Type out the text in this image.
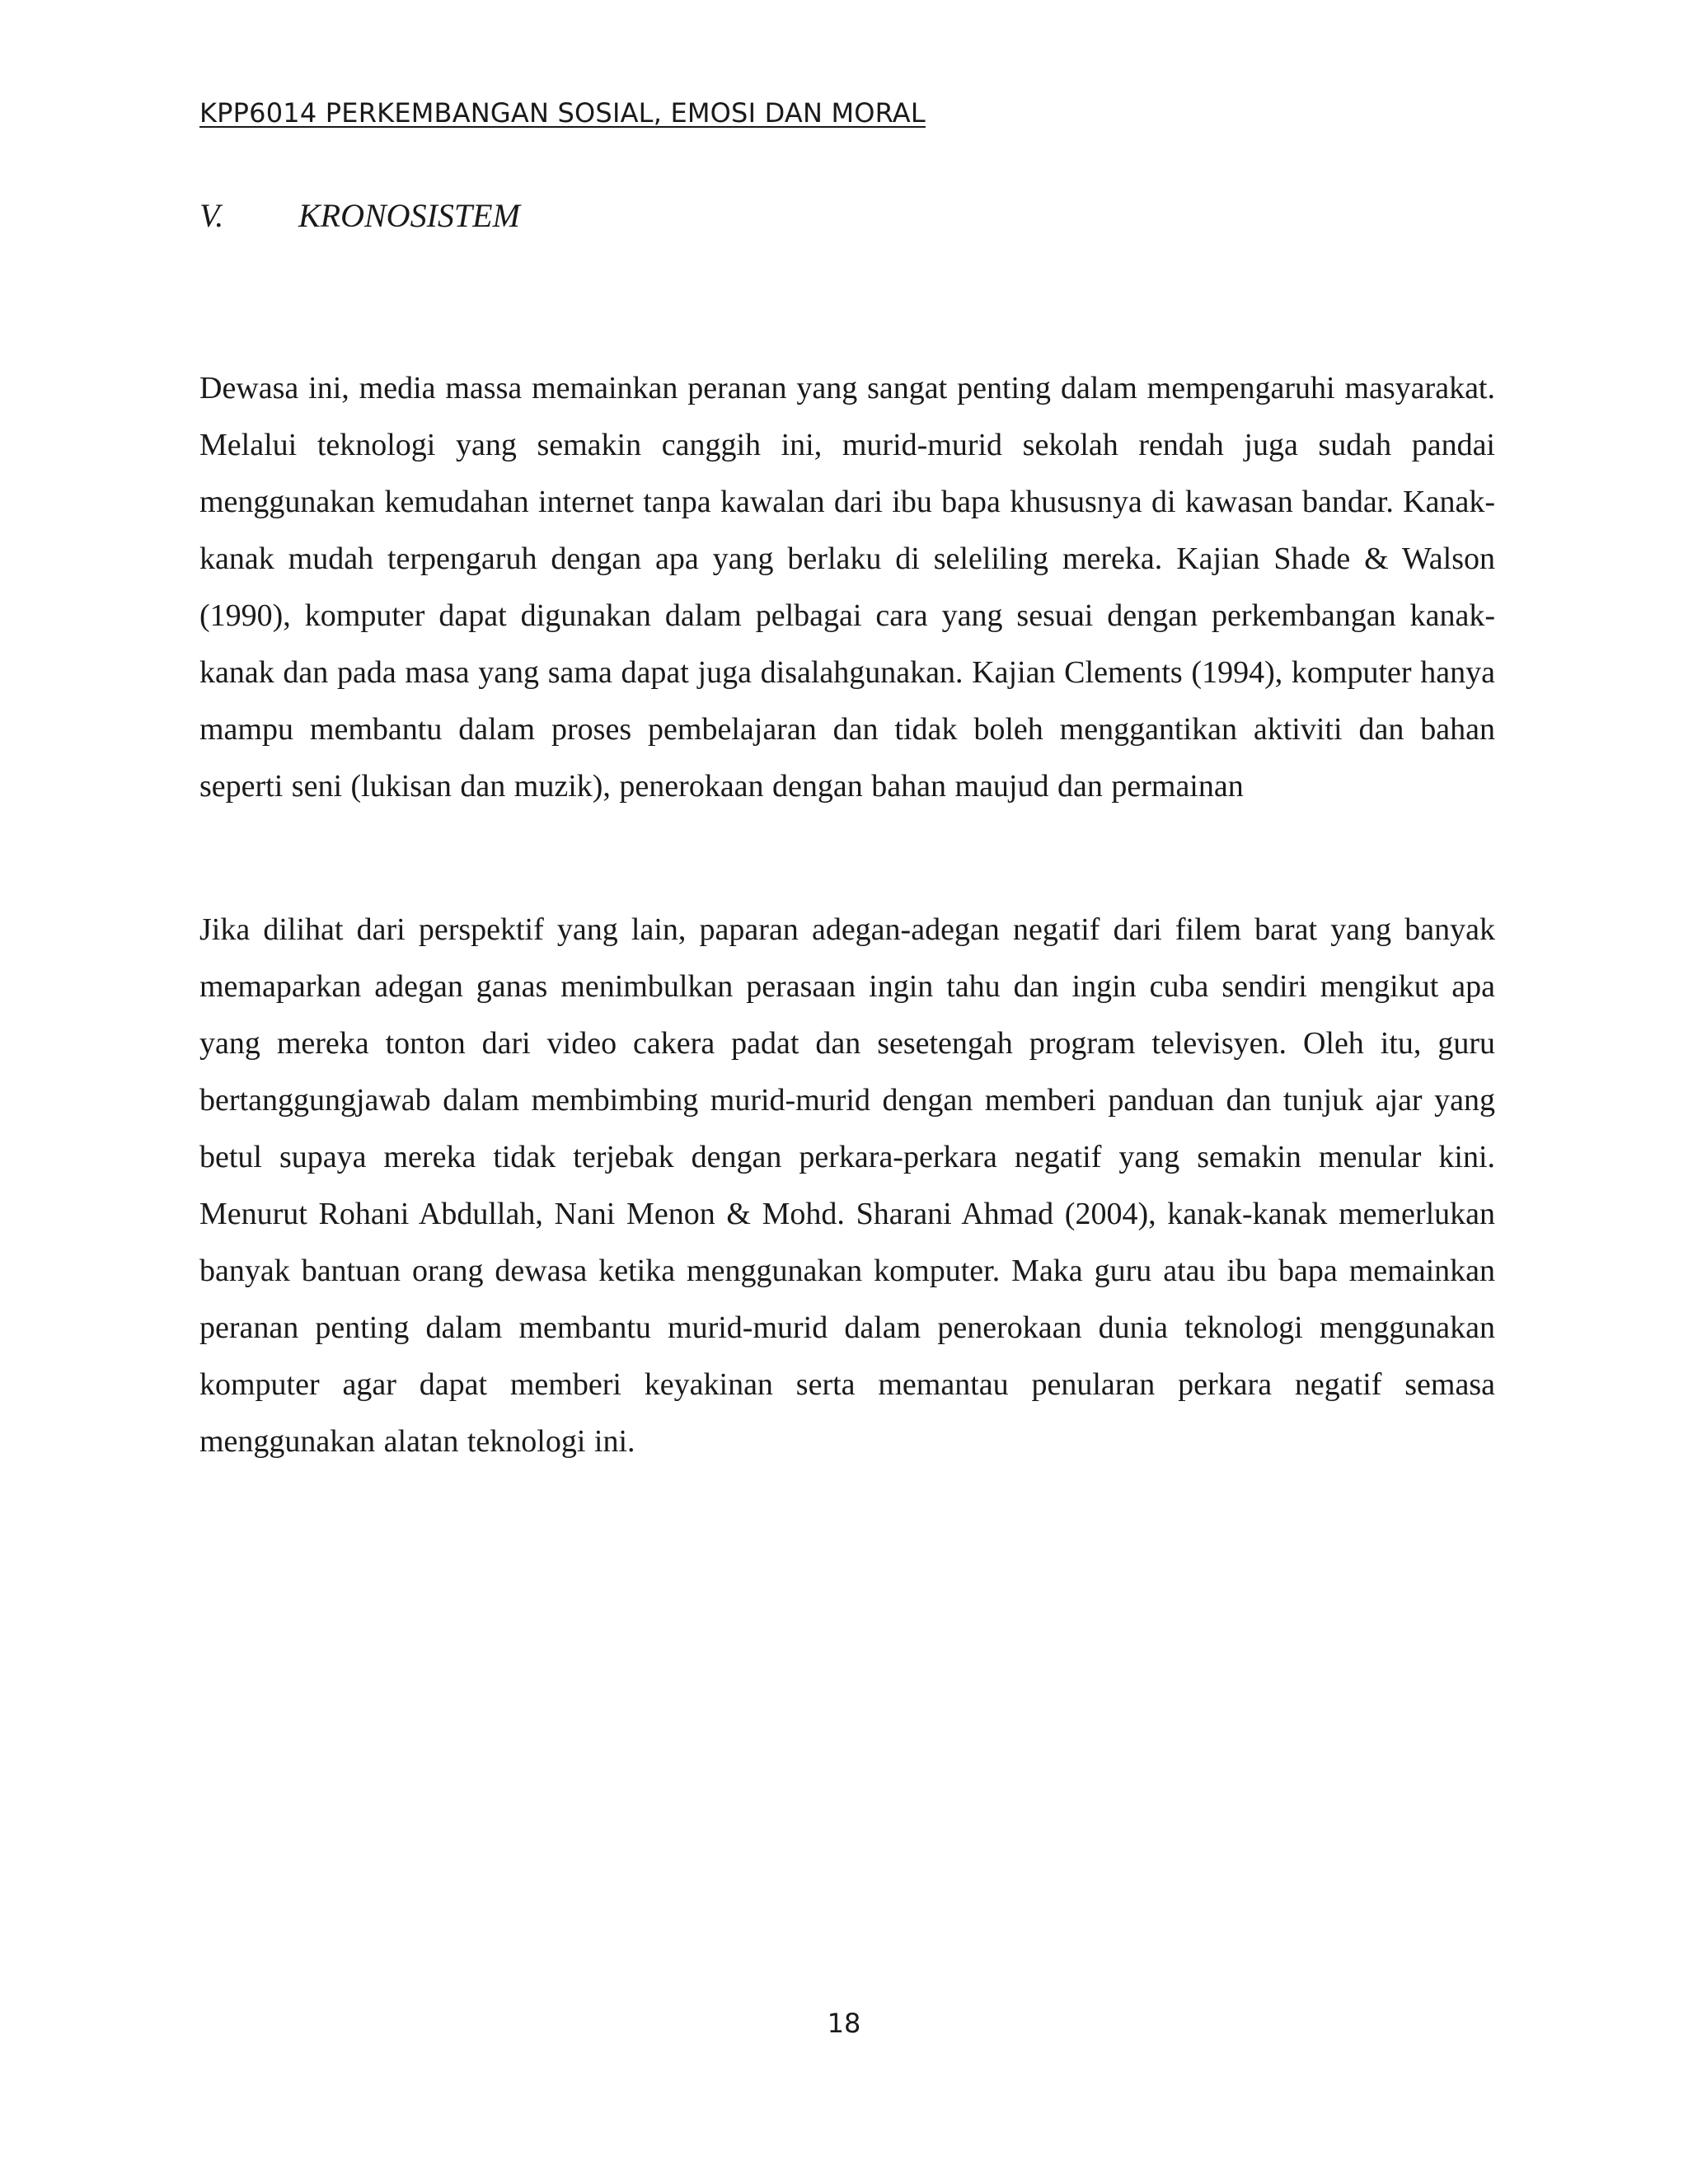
KPP6014 PERKEMBANGAN SOSIAL, EMOSI DAN MORAL
V. KRONOSISTEM

Dewasa ini, media massa memainkan peranan yang sangat penting dalam mempengaruhi masyarakat. Melalui teknologi yang semakin canggih ini, murid-murid sekolah rendah juga sudah pandai menggunakan kemudahan internet tanpa kawalan dari ibu bapa khususnya di kawasan bandar. Kanak-kanak mudah terpengaruh dengan apa yang berlaku di seleliling mereka. Kajian Shade & Walson (1990), komputer dapat digunakan dalam pelbagai cara yang sesuai dengan perkembangan kanak-kanak dan pada masa yang sama dapat juga disalahgunakan. Kajian Clements (1994), komputer hanya mampu membantu dalam proses pembelajaran dan tidak boleh menggantikan aktiviti dan bahan seperti seni (lukisan dan muzik), penerokaan dengan bahan maujud dan permainan

Jika dilihat dari perspektif yang lain, paparan adegan-adegan negatif dari filem barat yang banyak memaparkan adegan ganas menimbulkan perasaan ingin tahu dan ingin cuba sendiri mengikut apa yang mereka tonton dari video cakera padat dan sesetengah program televisyen. Oleh itu, guru bertanggungjawab dalam membimbing murid-murid dengan memberi panduan dan tunjuk ajar yang betul supaya mereka tidak terjebak dengan perkara-perkara negatif yang semakin menular kini. Menurut Rohani Abdullah, Nani Menon & Mohd. Sharani Ahmad (2004), kanak-kanak memerlukan banyak bantuan orang dewasa ketika menggunakan komputer. Maka guru atau ibu bapa memainkan peranan penting dalam membantu murid-murid dalam penerokaan dunia teknologi menggunakan komputer agar dapat memberi keyakinan serta memantau penularan perkara negatif semasa menggunakan alatan teknologi ini.

18
